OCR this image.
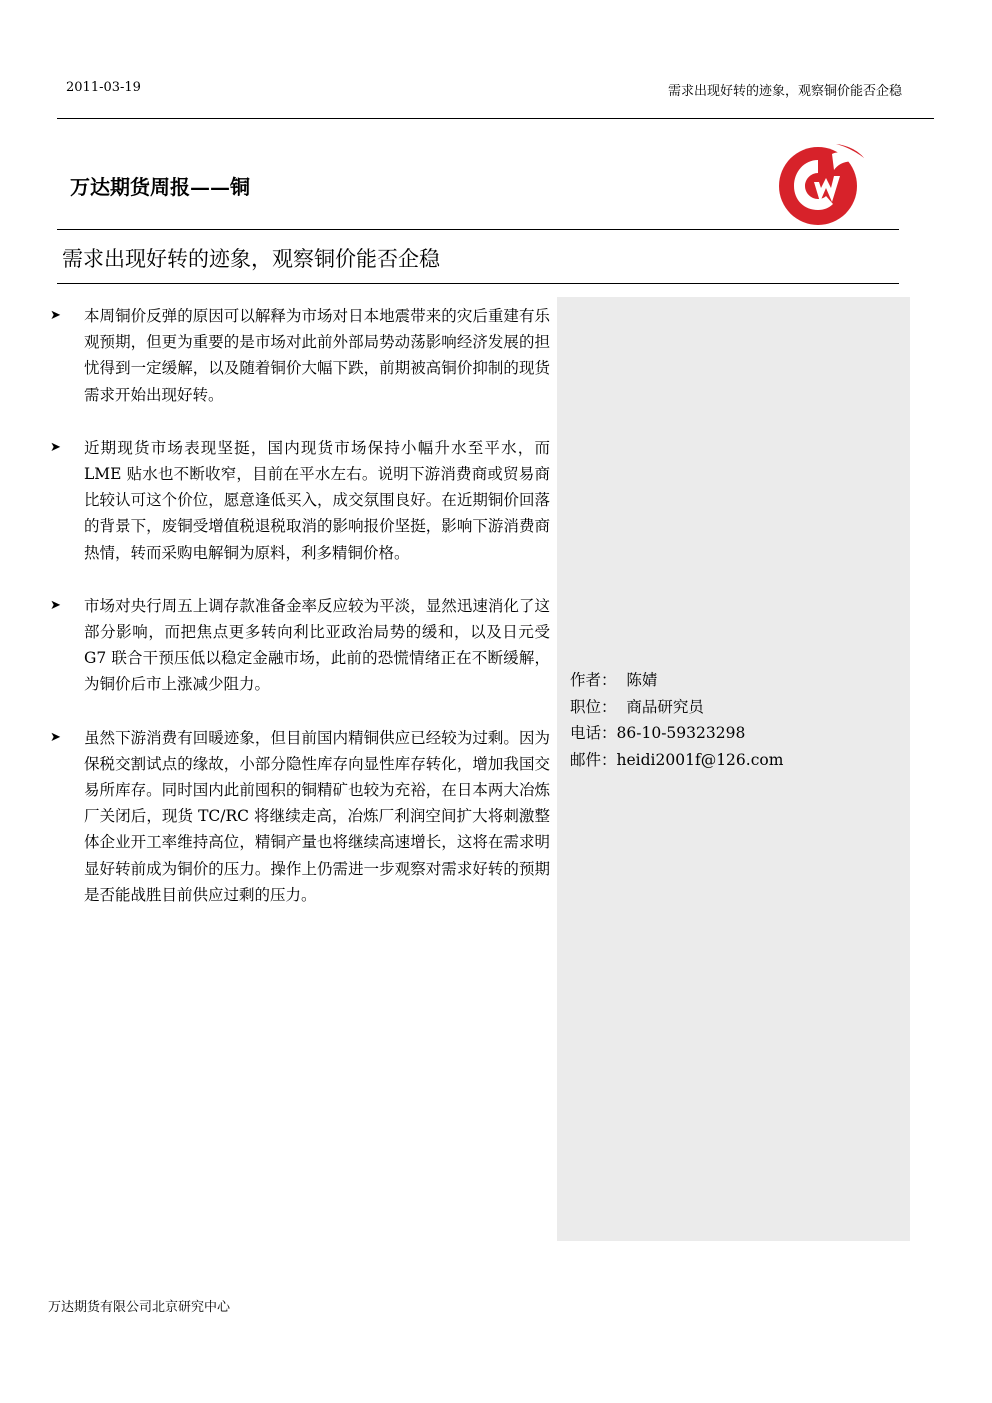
2011-03-19	需求出现好转的迹象，观察铜价能否企稳
万达期货周报——铜
需求出现好转的迹象，观察铜价能否企稳
➤ 本周铜价反弹的原因可以解释为市场对日本地震带来的灾后重建有乐观预期，但更为重要的是市场对此前外部局势动荡影响经济发展的担忧得到一定缓解，以及随着铜价大幅下跌，前期被高铜价抑制的现货需求开始出现好转。
➤ 近期现货市场表现坚挺，国内现货市场保持小幅升水至平水，而 LME 贴水也不断收窄，目前在平水左右。说明下游消费商或贸易商比较认可这个价位，愿意逢低买入，成交氛围良好。在近期铜价回落的背景下，废铜受增值税退税取消的影响报价坚挺，影响下游消费商热情，转而采购电解铜为原料，利多精铜价格。
➤ 市场对央行周五上调存款准备金率反应较为平淡，显然迅速消化了这部分影响，而把焦点更多转向利比亚政治局势的缓和，以及日元受 G7 联合干预压低以稳定金融市场，此前的恐慌情绪正在不断缓解，为铜价后市上涨减少阻力。
➤ 虽然下游消费有回暖迹象，但目前国内精铜供应已经较为过剩。因为保税交割试点的缘故，小部分隐性库存向显性库存转化，增加我国交易所库存。同时国内此前囤积的铜精矿也较为充裕，在日本两大冶炼厂关闭后，现货 TC/RC 将继续走高，冶炼厂利润空间扩大将刺激整体企业开工率维持高位，精铜产量也将继续高速增长，这将在需求明显好转前成为铜价的压力。操作上仍需进一步观察对需求好转的预期是否能战胜目前供应过剩的压力。
作者： 陈婧
职位： 商品研究员
电话：86-10-59323298
邮件：heidi2001f@126.com
万达期货有限公司北京研究中心
